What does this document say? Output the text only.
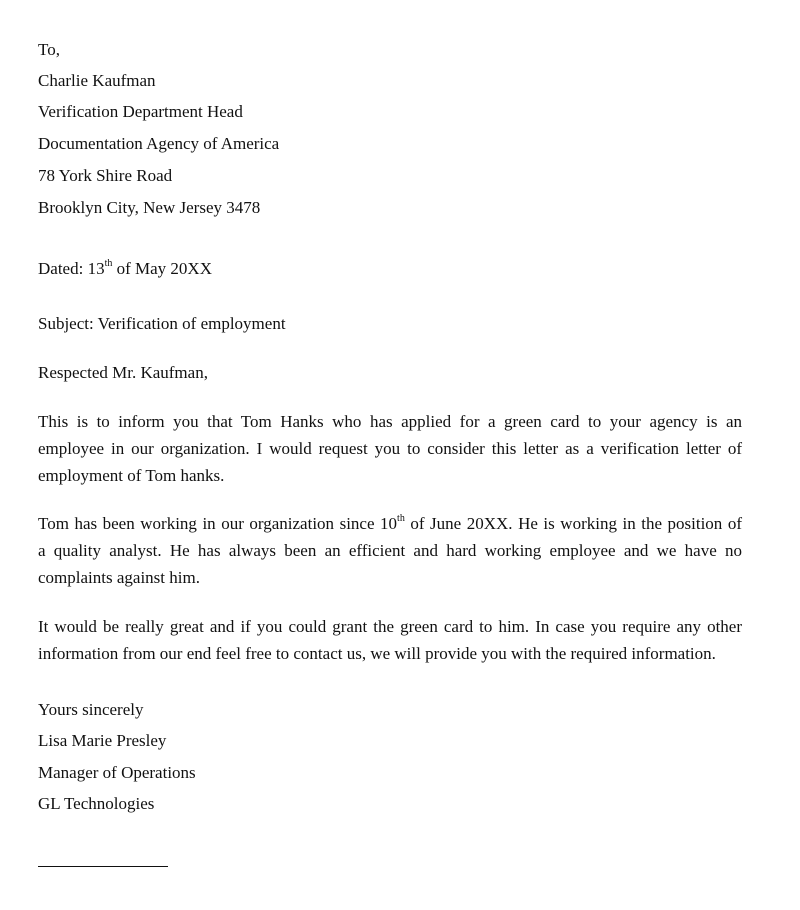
To,
Charlie Kaufman
Verification Department Head
Documentation Agency of America
78 York Shire Road
Brooklyn City, New Jersey 3478
Dated: 13th of May 20XX
Subject: Verification of employment
Respected Mr. Kaufman,
This is to inform you that Tom Hanks who has applied for a green card to your agency is an
employee in our organization. I would request you to consider this letter as a verification letter of
employment of Tom hanks.
Tom has been working in our organization since 10th of June 20XX. He is working in the position of
a quality analyst. He has always been an efficient and hard working employee and we have no
complaints against him.
It would be really great and if you could grant the green card to him. In case you require any other
information from our end feel free to contact us, we will provide you with the required information.
Yours sincerely
Lisa Marie Presley
Manager of Operations
GL Technologies
